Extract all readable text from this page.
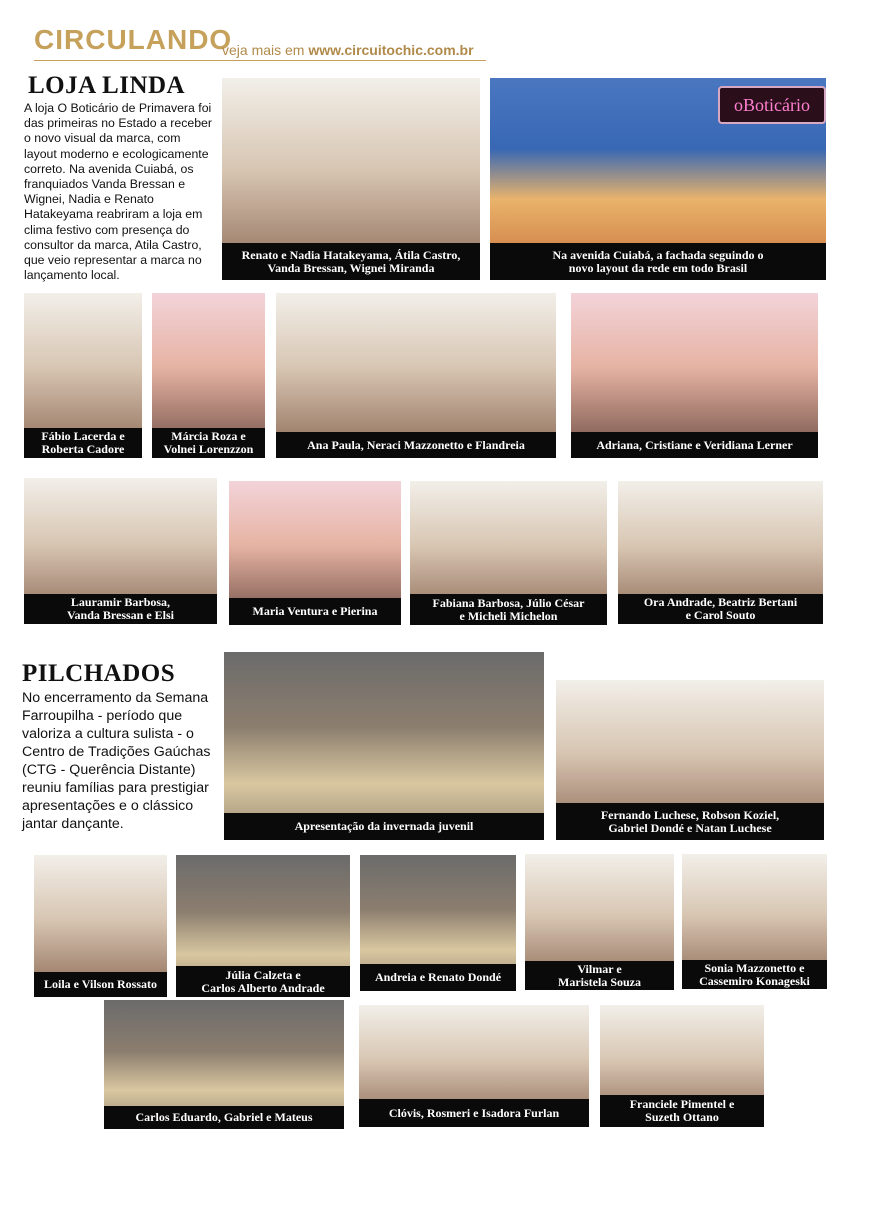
CIRCULANDO
veja mais em www.circuitochic.com.br
LOJA LINDA
A loja O Boticário de Primavera foi das primeiras no Estado a receber o novo visual da marca, com layout moderno e ecologicamente correto. Na avenida Cuiabá, os franquiados Vanda Bressan e Wignei, Nadia e Renato Hatakeyama reabriram a loja em clima festivo com presença do consultor da marca, Atila Castro, que veio representar a marca no lançamento local.
Renato e Nadia Hatakeyama, Átila Castro,
Vanda Bressan, Wignei Miranda
oBoticário
Na avenida Cuiabá, a fachada seguindo o
novo layout da rede em todo Brasil
Fábio Lacerda e
Roberta Cadore
Márcia Roza e
Volnei Lorenzzon	Ana Paula, Neraci Mazzonetto e Flandreia	Adriana, Cristiane e Veridiana Lerner
Lauramir Barbosa,
Vanda Bressan e Elsi	Maria Ventura e Pierina
Fabiana Barbosa, Júlio César
e Micheli Michelon
Ora Andrade, Beatriz Bertani
e Carol Souto
PILCHADOS
No encerramento da Semana Farroupilha - período que valoriza a cultura sulista - o Centro de Tradições Gaúchas (CTG - Querência Distante) reuniu famílias para prestigiar apresentações e o clássico jantar dançante.	Apresentação da invernada juvenil
Fernando Luchese, Robson Koziel,
Gabriel Dondé e Natan Luchese
Loila e Vilson Rossato
Júlia Calzeta e
Carlos Alberto Andrade
Andreia e Renato Dondé
Vilmar e
Maristela Souza
Sonia Mazzonetto e
Cassemiro Konageski
Carlos Eduardo, Gabriel e Mateus	Clóvis, Rosmeri e Isadora Furlan
Franciele Pimentel e
Suzeth Ottano
